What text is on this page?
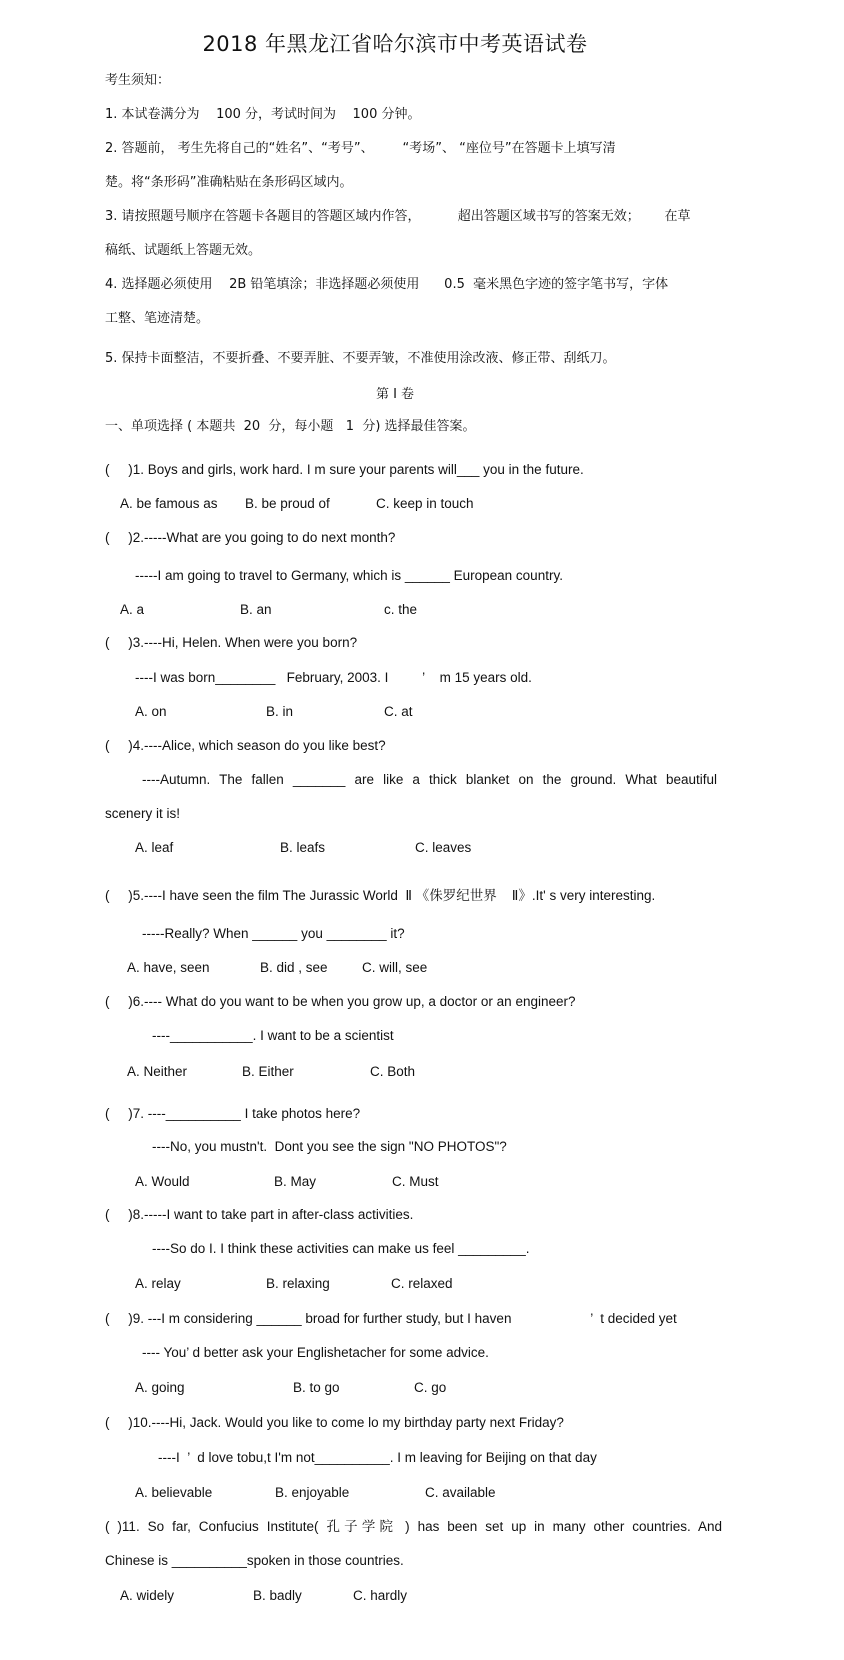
2018 年黑龙江省哈尔滨市中考英语试卷
考生须知：
1. 本试卷满分为    100 分，考试时间为    100 分钟。
2. 答题前， 考生先将自己的“姓名”、“考号”、       “考场”、 “座位号”在答题卡上填写清
楚。将“条形码”准确粘贴在条形码区域内。
3. 请按照题号顺序在答题卡各题目的答题区域内作答，         超出答题区域书写的答案无效；      在草
稿纸、试题纸上答题无效。
4. 选择题必须使用    2B 铅笔填涂；非选择题必须使用      0.5  毫米黑色字迹的签字笔书写，字体
工整、笔迹清楚。
5. 保持卡面整洁，不要折叠、不要弄脏、不要弄皱，不准使用涂改液、修正带、刮纸刀。
第 I 卷
一、单项选择 ( 本题共  20  分，每小题   1  分) 选择最佳答案。
(     )1. Boys and girls, work hard. I m sure your parents will___ you in the future.
A. be famous as B. be proud of	C. keep in touch
(     )2.-----What are you going to do next month?
-----I am going to travel to Germany, which is ______ European country.
A. a	B. an	c. the
(     )3.----Hi, Helen. When were you born?
----I was born________   February, 2003. I         ’    m 15 years old.
A. on	B. in	C. at
(     )4.----Alice, which season do you like best?
----Autumn. The fallen _______ are like a thick blanket on the ground. What beautiful
scenery it is!
A. leaf	B. leafs	C. leaves
(     )5.----I have seen the film The Jurassic World  Ⅱ 《侏罗纪世界    Ⅱ》.It' s very interesting.
-----Really? When ______ you ________ it?
A. have, seen	B. did , see	C. will, see
(     )6.---- What do you want to be when you grow up, a doctor or an engineer?
----___________. I want to be a scientist
A. Neither	B. Either	C. Both
(     )7. ----__________ I take photos here?
----No, you mustn't.  Dont you see the sign "NO PHOTOS"?
A. Would	B. May	C. Must
(     )8.-----I want to take part in after-class activities.
----So do I. I think these activities can make us feel _________.
A. relay	B. relaxing	C. relaxed
(     )9. ---I m considering ______ broad for further study, but I haven                     ’  t decided yet
---- You’ d better ask your Englishetacher for some advice.
A. going	B. to go	C. go
(     )10.----Hi, Jack. Would you like to come lo my birthday party next Friday?
----I  ’  d love tobu,t I'm not__________. I m leaving for Beijing on that day
A. believable	B. enjoyable	C. available
( )11. So far, Confucius Institute( 孔子学院 ) has been set up in many other countries. And
Chinese is __________spoken in those countries.
A. widely	B. badly	C. hardly
